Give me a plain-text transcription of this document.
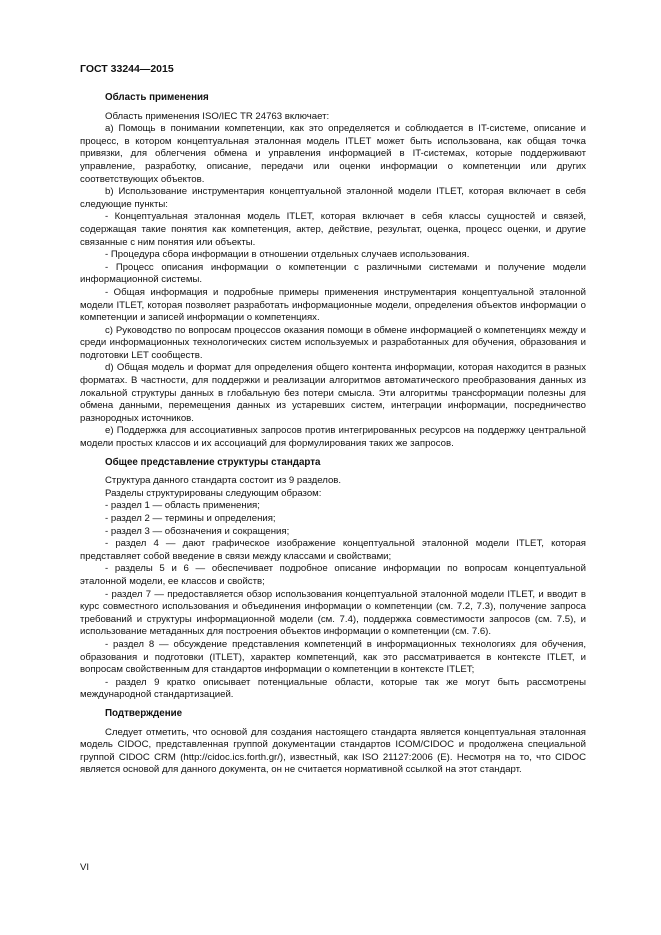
ГОСТ 33244—2015
Область применения

Область применения ISO/IEC TR 24763 включает:

а) Помощь в понимании компетенции, как это определяется и соблюдается в IT-системе, описание и процесс, в котором концептуальная эталонная модель ITLET может быть использована, как общая точка привязки, для облегчения обмена и управления информацией в IT-системах, которые поддерживают управление, разработку, описание, передачи или оценки информации о компетенции или других соответствующих объектов.

b) Использование инструментария концептуальной эталонной модели ITLET, которая включает в себя следующие пункты:

- Концептуальная эталонная модель ITLET, которая включает в себя классы сущностей и связей, содержащая такие понятия как компетенция, актер, действие, результат, оценка, процесс оценки, и другие связанные с ним понятия или объекты.

- Процедура сбора информации в отношении отдельных случаев использования.

- Процесс описания информации о компетенции с различными системами и получение модели информационной системы.

- Общая информация и подробные примеры применения инструментария концептуальной эталонной модели ITLET, которая позволяет разработать информационные модели, определения объектов информации о компетенции и записей информации о компетенциях.

с) Руководство по вопросам процессов оказания помощи в обмене информацией о компетенциях между и среди информационных технологических систем используемых и разработанных для обучения, образования и подготовки LET сообществ.

d) Общая модель и формат для определения общего контента информации, которая находится в разных форматах. В частности, для поддержки и реализации алгоритмов автоматического преобразования данных из локальной структуры данных в глобальную без потери смысла. Эти алгоритмы трансформации полезны для обмена данными, перемещения данных из устаревших систем, интеграции информации, посредничество разнородных источников.

е) Поддержка для ассоциативных запросов против интегрированных ресурсов на поддержку центральной модели простых классов и их ассоциаций для формулирования таких же запросов.

Общее представление структуры стандарта

Структура данного стандарта состоит из 9 разделов.

Разделы структурированы следующим образом:

- раздел 1 — область применения;

- раздел 2 — термины и определения;

- раздел 3 — обозначения и сокращения;

- раздел 4 — дают графическое изображение концептуальной эталонной модели ITLET, которая представляет собой введение в связи между классами и свойствами;

- разделы 5 и 6 — обеспечивает подробное описание информации по вопросам концептуальной эталонной модели, ее классов и свойств;

- раздел 7 — предоставляется обзор использования концептуальной эталонной модели ITLET, и вводит в курс совместного использования и объединения информации о компетенции (см. 7.2, 7.3), получение запроса требований и структуры информационной модели (см. 7.4), поддержка совместимости запросов (см. 7.5), и использование метаданных для построения объектов информации о компетенции (см. 7.6).

- раздел 8 — обсуждение представления компетенций в информационных технологиях для обучения, образования и подготовки (ITLET), характер компетенций, как это рассматривается в контексте ITLET, и вопросам свойственным для стандартов информации о компетенции в контексте ITLET;

- раздел 9 кратко описывает потенциальные области, которые так же могут быть рассмотрены международной стандартизацией.

Подтверждение

Следует отметить, что основой для создания настоящего стандарта является концептуальная эталонная модель CIDOC, представленная группой документации стандартов ICOM/CIDOC и продолжена специальной группой CIDOC CRM (http://cidoc.ics.forth.gr/), известный, как ISO 21127:2006 (E). Несмотря на то, что CIDOC является основой для данного документа, он не считается нормативной ссылкой на этот стандарт.

VI
